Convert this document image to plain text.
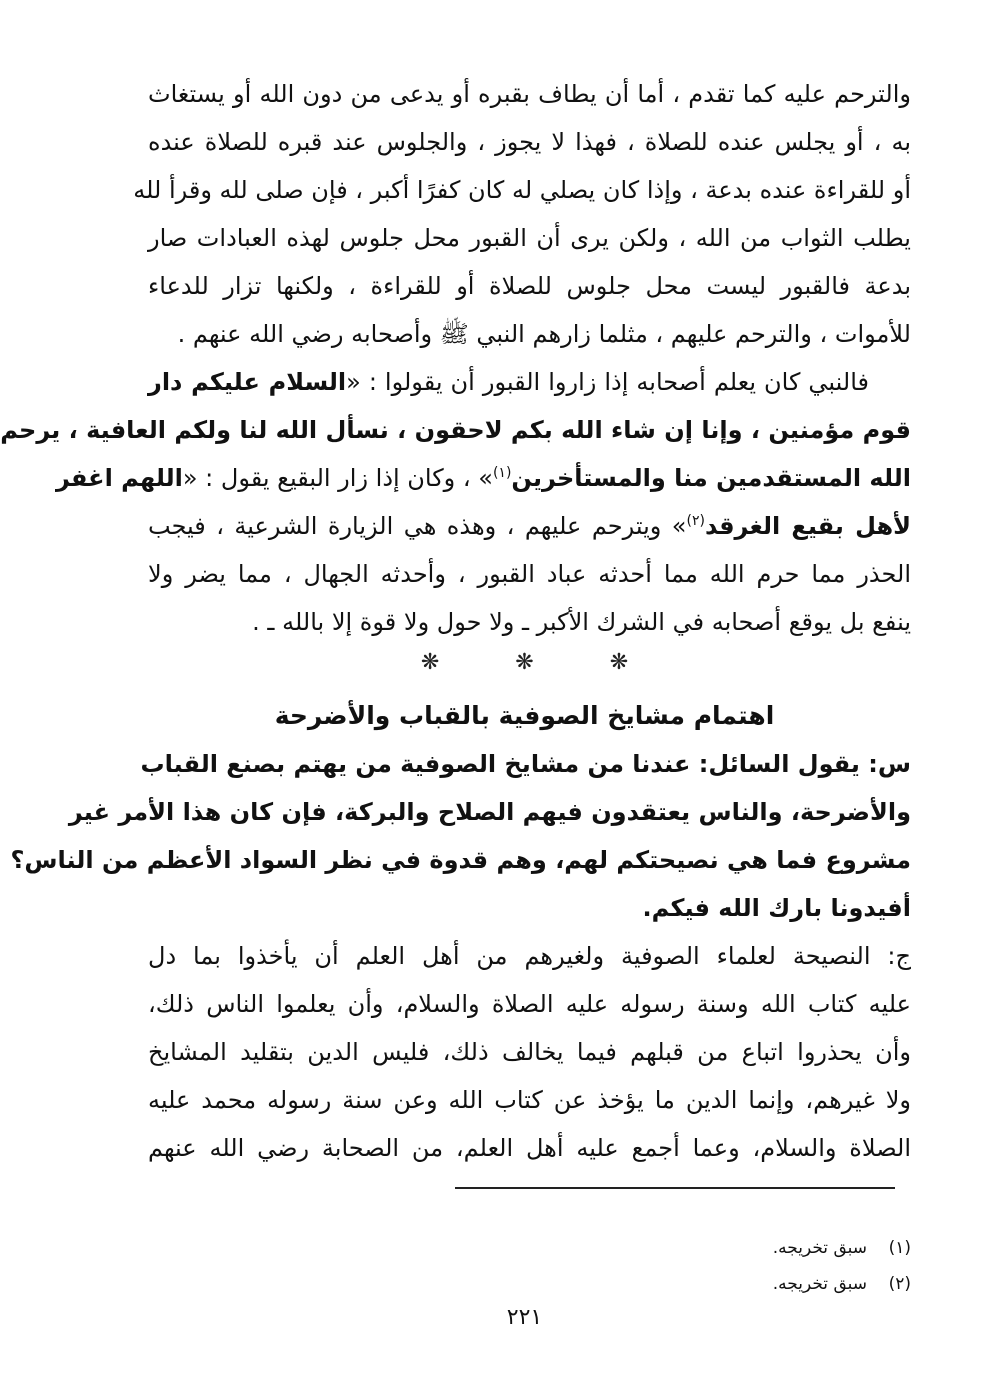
والترحم عليه كما تقدم ، أما أن يطاف بقبره أو يدعى من دون الله أو يستغاث
به ، أو يجلس عنده للصلاة ، فهذا لا يجوز ، والجلوس عند قبره للصلاة عنده
أو للقراءة عنده بدعة ، وإذا كان يصلي له كان كفرًا أكبر ، فإن صلى لله وقرأ لله
يطلب الثواب من الله ، ولكن يرى أن القبور محل جلوس لهذه العبادات صار
بدعة فالقبور ليست محل جلوس للصلاة أو للقراءة ، ولكنها تزار للدعاء
للأموات ، والترحم عليهم ، مثلما زارهم النبي ﷺ وأصحابه رضي الله عنهم .
فالنبي كان يعلم أصحابه إذا زاروا القبور أن يقولوا : «السلام عليكم دار
قوم مؤمنين ، وإنا إن شاء الله بكم لاحقون ، نسأل الله لنا ولكم العافية ، يرحم
الله المستقدمين منا والمستأخرين$^{(١)}$» ، وكان إذا زار البقيع يقول : «اللهم اغفر
لأهل بقيع الغرقد$^{(٢)}$» ويترحم عليهم ، وهذه هي الزيارة الشرعية ، فيجب
الحذر مما حرم الله مما أحدثه عباد القبور ، وأحدثه الجهال ، مما يضر ولا
ينفع بل يوقع أصحابه في الشرك الأكبر ـ ولا حول ولا قوة إلا بالله ـ .
❋
❋
❋
اهتمام مشايخ الصوفية بالقباب والأضرحة
س: يقول السائل: عندنا من مشايخ الصوفية من يهتم بصنع القباب
والأضرحة، والناس يعتقدون فيهم الصلاح والبركة، فإن كان هذا الأمر غير
مشروع فما هي نصيحتكم لهم، وهم قدوة في نظر السواد الأعظم من الناس؟
أفيدونا بارك الله فيكم.
ج: النصيحة لعلماء الصوفية ولغيرهم من أهل العلم أن يأخذوا بما دل
عليه كتاب الله وسنة رسوله عليه الصلاة والسلام، وأن يعلموا الناس ذلك،
وأن يحذروا اتباع من قبلهم فيما يخالف ذلك، فليس الدين بتقليد المشايخ
ولا غيرهم، وإنما الدين ما يؤخذ عن كتاب الله وعن سنة رسوله محمد عليه
الصلاة والسلام، وعما أجمع عليه أهل العلم، من الصحابة رضي الله عنهم
(١)سبق تخريجه.
(٢)سبق تخريجه.
٢٢١
